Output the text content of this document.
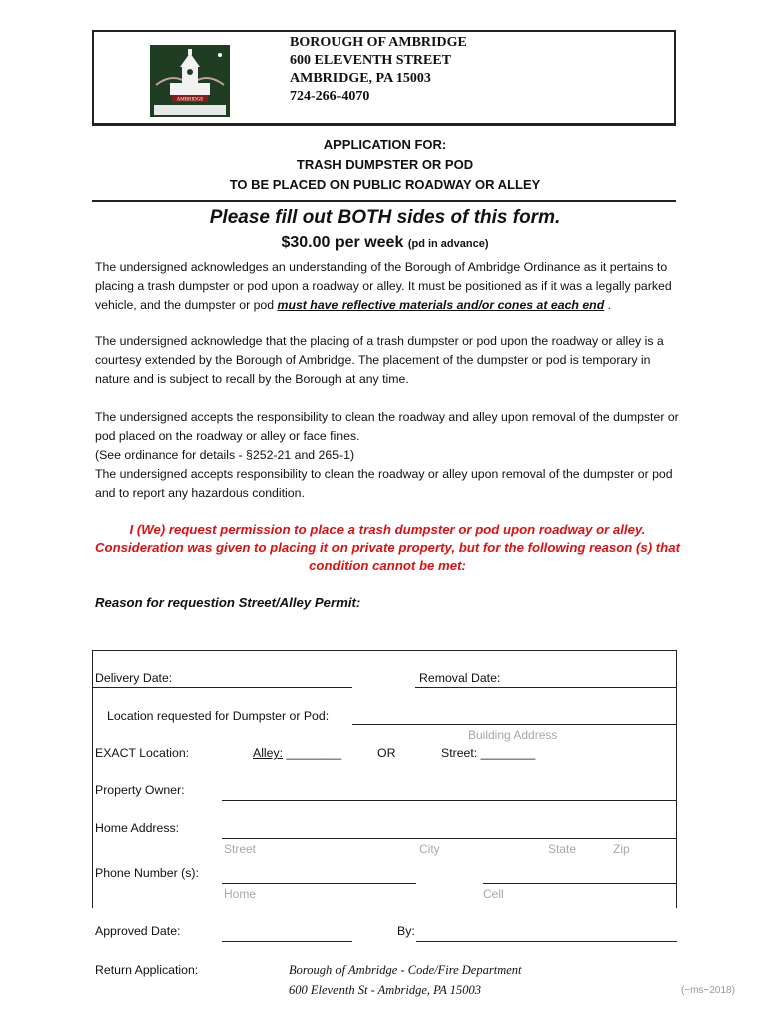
AMBRIDGE
BOROUGH OF AMBRIDGE
600 ELEVENTH STREET
AMBRIDGE, PA 15003
724-266-4070
APPLICATION FOR:
TRASH DUMPSTER OR POD
TO BE PLACED ON PUBLIC ROADWAY OR ALLEY
Please fill out BOTH sides of this form.
$30.00 per week (pd in advance)

The undersigned acknowledges an understanding of the Borough of Ambridge Ordinance as it pertains to placing a trash dumpster or pod upon a roadway or alley. It must be positioned as if it was a legally parked vehicle, and the dumpster or pod must have reflective materials and/or cones at each end .

The undersigned acknowledge that the placing of a trash dumpster or pod upon the roadway or alley is a courtesy extended by the Borough of Ambridge. The placement of the dumpster or pod is temporary in nature and is subject to recall by the Borough at any time.

The undersigned accepts the responsibility to clean the roadway and alley upon removal of the dumpster or pod placed on the roadway or alley or face fines.

(See ordinance for details - §252-21 and 265-1)

The undersigned accepts responsibility to clean the roadway or alley upon removal of the dumpster or pod and to report any hazardous condition.

I (We) request permission to place a trash dumpster or pod upon roadway or alley. Consideration was given to placing it on private property, but for the following reason (s) that condition cannot be met:
Reason for requestion Street/Alley Permit:
Delivery Date:	Removal Date:
Location requested for Dumpster or Pod:
Building Address
EXACT Location:	Alley: ________	OR	Street: ________
Property Owner:
Home Address:
Street	City	State	Zip
Phone Number (s):
Home	Cell
Approved Date:	By:
Return Application:	Borough of Ambridge - Code/Fire Department
600 Eleventh St - Ambridge, PA 15003	(~ms~2018)
